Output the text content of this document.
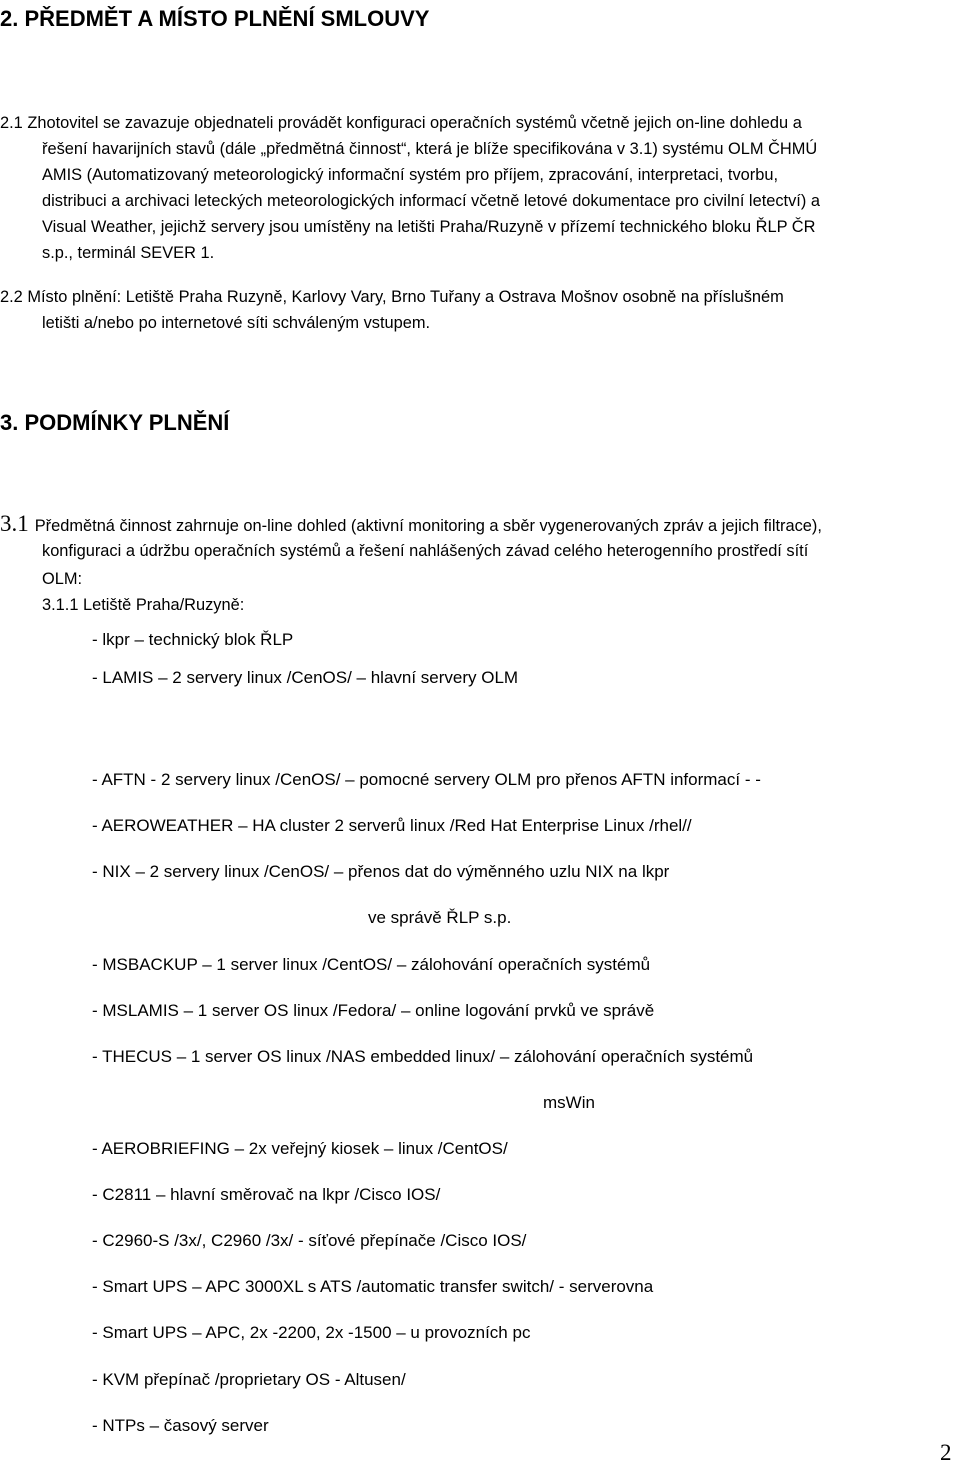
2. PŘEDMĚT A MÍSTO PLNĚNÍ SMLOUVY
2.1 Zhotovitel se zavazuje objednateli provádět konfiguraci operačních systémů včetně jejich on-line dohledu a
řešení havarijních stavů (dále „předmětná činnost“, která je blíže specifikována v 3.1) systému OLM ČHMÚ
AMIS (Automatizovaný meteorologický informační systém pro příjem, zpracování, interpretaci, tvorbu,
distribuci a archivaci leteckých meteorologických informací včetně letové dokumentace pro civilní letectví) a
Visual Weather, jejichž servery jsou umístěny na letišti Praha/Ruzyně v přízemí technického bloku ŘLP ČR
s.p., terminál SEVER 1.
2.2 Místo plnění: Letiště Praha Ruzyně, Karlovy Vary, Brno Tuřany a Ostrava Mošnov osobně na příslušném
letišti a/nebo po internetové síti schváleným vstupem.
3. PODMÍNKY PLNĚNÍ
3.1 Předmětná činnost zahrnuje on-line dohled (aktivní monitoring a sběr vygenerovaných zpráv a jejich filtrace),
konfiguraci a údržbu operačních systémů a řešení nahlášených závad celého heterogenního prostředí sítí
OLM:
3.1.1 Letiště Praha/Ruzyně:
- lkpr – technický blok ŘLP
- LAMIS – 2 servery linux /CenOS/ – hlavní servery OLM
- AFTN - 2 servery linux /CenOS/ – pomocné servery OLM pro přenos AFTN informací - -
- AEROWEATHER – HA cluster 2 serverů linux /Red Hat Enterprise Linux /rhel//
- NIX – 2 servery linux /CenOS/ – přenos dat do výměnného uzlu NIX na lkpr
ve správě ŘLP s.p.
- MSBACKUP – 1 server linux /CentOS/ – zálohování operačních systémů
- MSLAMIS – 1 server OS linux /Fedora/ – online logování prvků ve správě
- THECUS – 1 server OS linux /NAS embedded linux/ – zálohování operačních systémů
msWin
- AEROBRIEFING – 2x veřejný kiosek – linux /CentOS/
- C2811 – hlavní směrovač na lkpr /Cisco IOS/
- C2960-S /3x/, C2960 /3x/ - síťové přepínače /Cisco IOS/
- Smart UPS – APC 3000XL s ATS /automatic transfer switch/ - serverovna
- Smart UPS – APC, 2x -2200, 2x -1500 – u provozních pc
- KVM přepínač /proprietary OS - Altusen/
- NTPs – časový server
2
